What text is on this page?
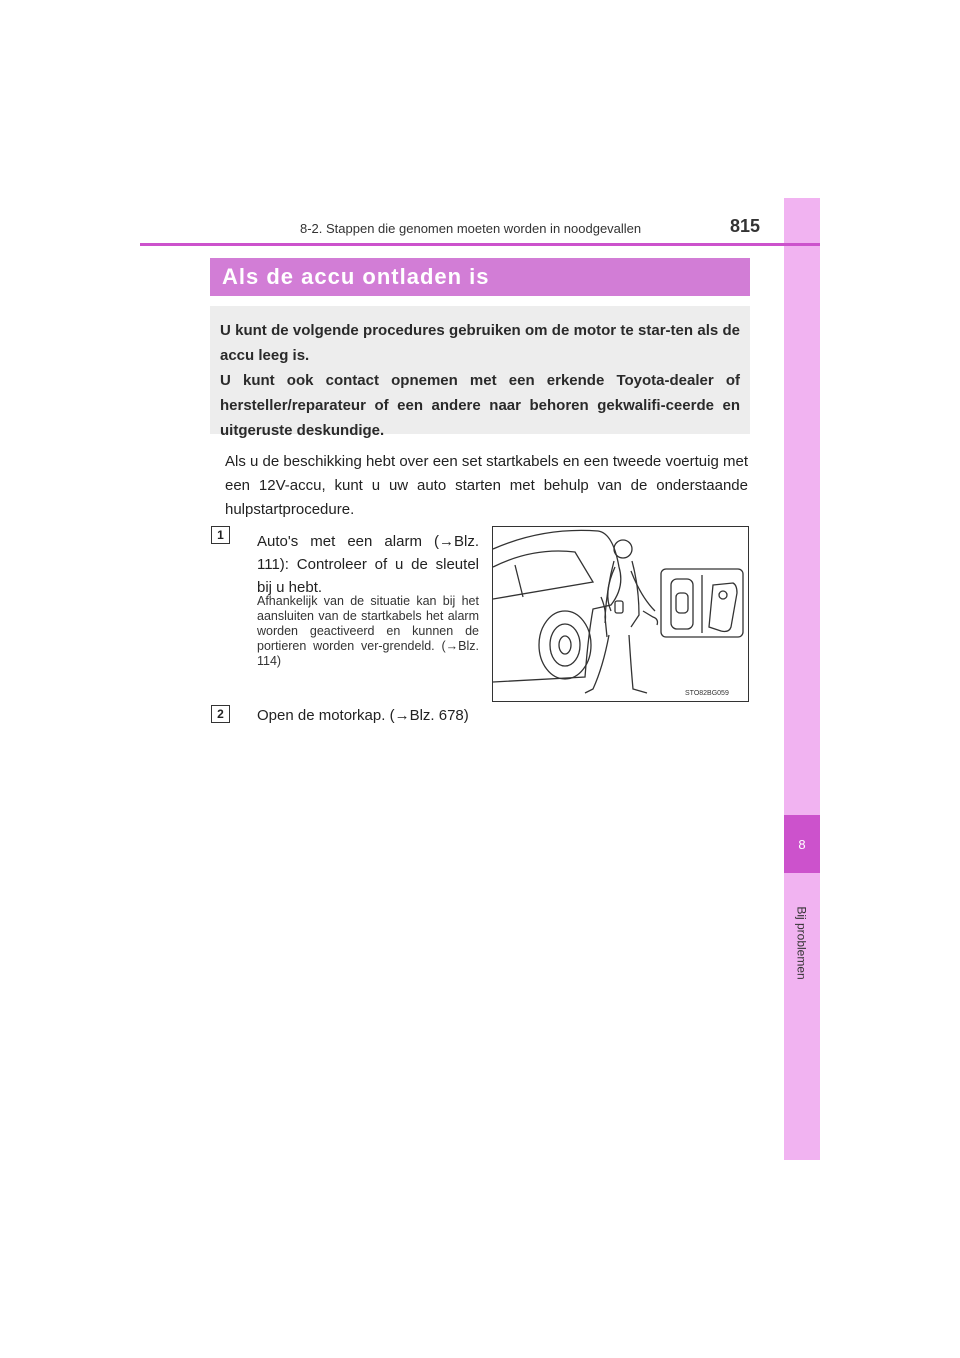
8
Bij problemen
8-2. Stappen die genomen moeten worden in noodgevallen	815
Als de accu ontladen is

U kunt de volgende procedures gebruiken om de motor te star-ten als de accu leeg is.

U kunt ook contact opnemen met een erkende Toyota-dealer of hersteller/reparateur of een andere naar behoren gekwalifi-ceerde en uitgeruste deskundige.

Als u de beschikking hebt over een set startkabels en een tweede voertuig met een 12V-accu, kunt u uw auto starten met behulp van de onderstaande hulpstartprocedure.

1	Auto's met een alarm (→Blz. 111): Controleer of u de sleutel bij u hebt.
Afhankelijk van de situatie kan bij het aansluiten van de startkabels het alarm worden geactiveerd en kunnen de portieren worden ver-grendeld. (→Blz. 114)
STO82BG059
2	Open de motorkap. (→Blz. 678)
